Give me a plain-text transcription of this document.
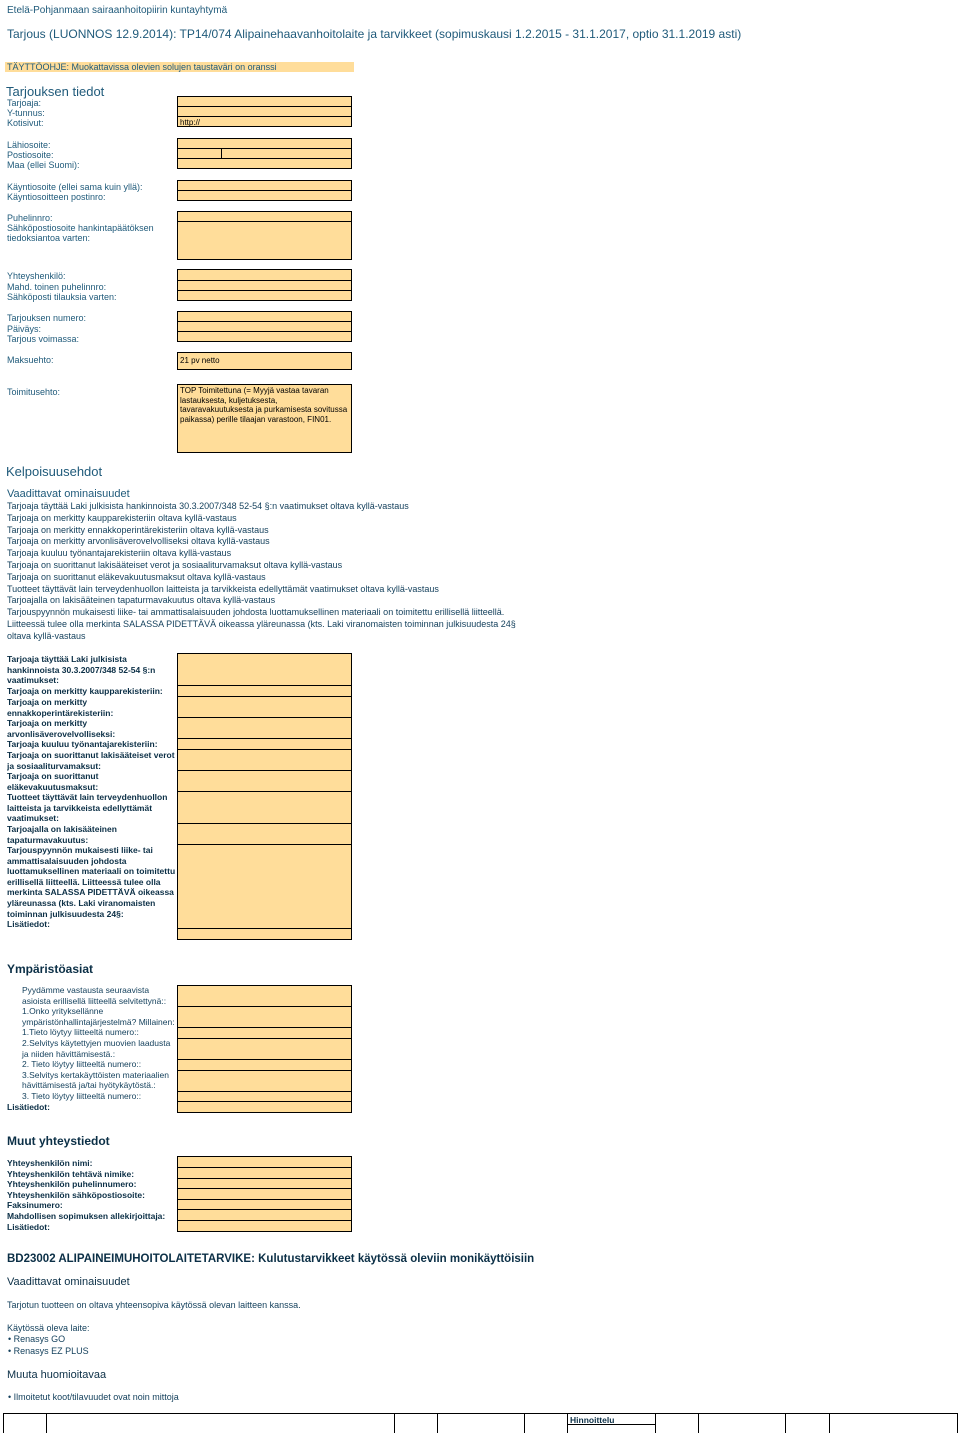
Etelä-Pohjanmaan sairaanhoitopiirin kuntayhtymä
Tarjous (LUONNOS 12.9.2014): TP14/074 Alipainehaavanhoitolaite ja tarvikkeet (sopimuskausi 1.2.2015 - 31.1.2017, optio 31.1.2019 asti)
TÄYTTÖOHJE: Muokattavissa olevien solujen taustaväri on oranssi
Tarjouksen tiedot
Tarjoaja:
Y-tunnus:
Kotisivut:	http://
Lähiosoite:
Postiosoite:
Maa (ellei Suomi):
Käyntiosoite (ellei sama kuin yllä):
Käyntiosoitteen postinro:
Puhelinnro:
Sähköpostiosoite hankintapäätöksen
tiedoksiantoa varten:
Yhteyshenkilö:
Mahd. toinen puhelinnro:
Sähköposti tilauksia varten:
Tarjouksen numero:
Päiväys:
Tarjous voimassa:
Maksuehto:	21 pv netto
Toimitusehto:	TOP Toimitettuna (= Myyjä vastaa tavaran lastauksesta, kuljetuksesta, tavaravakuutuksesta ja purkamisesta sovitussa paikassa) perille tilaajan varastoon, FIN01.
Kelpoisuusehdot
Vaadittavat ominaisuudet
Tarjoaja täyttää Laki julkisista hankinnoista 30.3.2007/348 52-54 §:n vaatimukset oltava kyllä-vastaus
Tarjoaja on merkitty kaupparekisteriin oltava kyllä-vastaus
Tarjoaja on merkitty ennakkoperintärekisteriin oltava kyllä-vastaus
Tarjoaja on merkitty arvonlisäverovelvolliseksi oltava kyllä-vastaus
Tarjoaja kuuluu työnantajarekisteriin oltava kyllä-vastaus
Tarjoaja on suorittanut lakisääteiset verot ja sosiaaliturvamaksut oltava kyllä-vastaus
Tarjoaja on suorittanut eläkevakuutusmaksut oltava kyllä-vastaus
Tuotteet täyttävät lain terveydenhuollon laitteista ja tarvikkeista edellyttämät vaatimukset oltava kyllä-vastaus
Tarjoajalla on lakisääteinen tapaturmavakuutus oltava kyllä-vastaus
Tarjouspyynnön mukaisesti liike- tai ammattisalaisuuden johdosta luottamuksellinen materiaali on toimitettu erillisellä liitteellä.
Liitteessä tulee olla merkinta SALASSA PIDETTÄVÄ oikeassa yläreunassa (kts. Laki viranomaisten toiminnan julkisuudesta 24§
oltava kyllä-vastaus
Tarjoaja täyttää Laki julkisista hankinnoista 30.3.2007/348 52-54 §:n vaatimukset:
Tarjoaja on merkitty kaupparekisteriin:
Tarjoaja on merkitty ennakkoperintärekisteriin:
Tarjoaja on merkitty arvonlisäverovelvolliseksi:
Tarjoaja kuuluu työnantajarekisteriin:
Tarjoaja on suorittanut lakisääteiset verot ja sosiaaliturvamaksut:
Tarjoaja on suorittanut eläkevakuutusmaksut:
Tuotteet täyttävät lain terveydenhuollon laitteista ja tarvikkeista edellyttämät vaatimukset:
Tarjoajalla on lakisääteinen tapaturmavakuutus:
Tarjouspyynnön mukaisesti liike- tai ammattisalaisuuden johdosta luottamuksellinen materiaali on toimitettu erillisellä liitteellä. Liitteessä tulee olla merkinta SALASSA PIDETTÄVÄ oikeassa yläreunassa (kts. Laki viranomaisten toiminnan julkisuudesta 24§:
Lisätiedot:
Ympäristöasiat
Pyydämme vastausta seuraavista
asioista erillisellä liitteellä selvitettynä::
1.Onko yrityksellänne
ympäristönhallintajärjestelmä? Millainen:
1.Tieto löytyy liitteeltä numero::
2.Selvitys käytettyjen muovien laadusta
ja niiden hävittämisestä.:
2. Tieto löytyy liitteeltä numero::
3.Selvitys kertakäyttöisten materiaalien
hävittämisestä ja/tai hyötykäytöstä.:
3. Tieto löytyy liitteeltä numero::
Lisätiedot:
Muut yhteystiedot
Yhteyshenkilön nimi:
Yhteyshenkilön tehtävä nimike:
Yhteyshenkilön puhelinnumero:
Yhteyshenkilön sähköpostiosoite:
Faksinumero:
Mahdollisen sopimuksen allekirjoittaja:
Lisätiedot:
BD23002 ALIPAINEIMUHOITOLAITETARVIKE: Kulutustarvikkeet käytössä oleviin monikäyttöisiin
Vaadittavat ominaisuudet
Tarjotun tuotteen on oltava yhteensopiva käytössä olevan laitteen kanssa.
Käytössä oleva laite:
• Renasys GO
• Renasys EZ PLUS
Muuta huomioitavaa
• Ilmoitetut koot/tilavuudet ovat noin mittoja
Hinnoittelu
